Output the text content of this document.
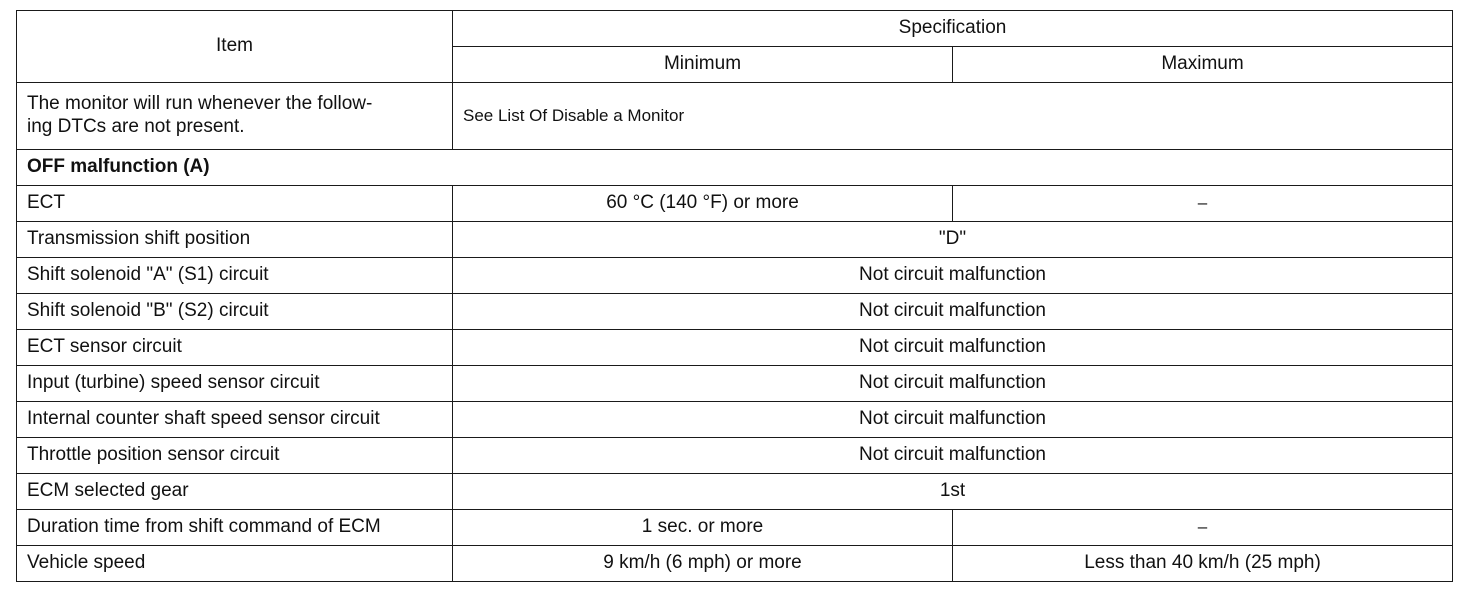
Item	Specification	
	Minimum	Maximum
The monitor will run whenever the follow-
ing DTCs are not present.	See List Of Disable a Monitor	
OFF malfunction (A)		
ECT	60 °C (140 °F) or more	–
Transmission shift position	"D"	
Shift solenoid "A" (S1) circuit	Not circuit malfunction	
Shift solenoid "B" (S2) circuit	Not circuit malfunction	
ECT sensor circuit	Not circuit malfunction	
Input (turbine) speed sensor circuit	Not circuit malfunction	
Internal counter shaft speed sensor circuit	Not circuit malfunction	
Throttle position sensor circuit	Not circuit malfunction	
ECM selected gear	1st	
Duration time from shift command of ECM	1 sec. or more	–
Vehicle speed	9 km/h (6 mph) or more	Less than 40 km/h (25 mph)
